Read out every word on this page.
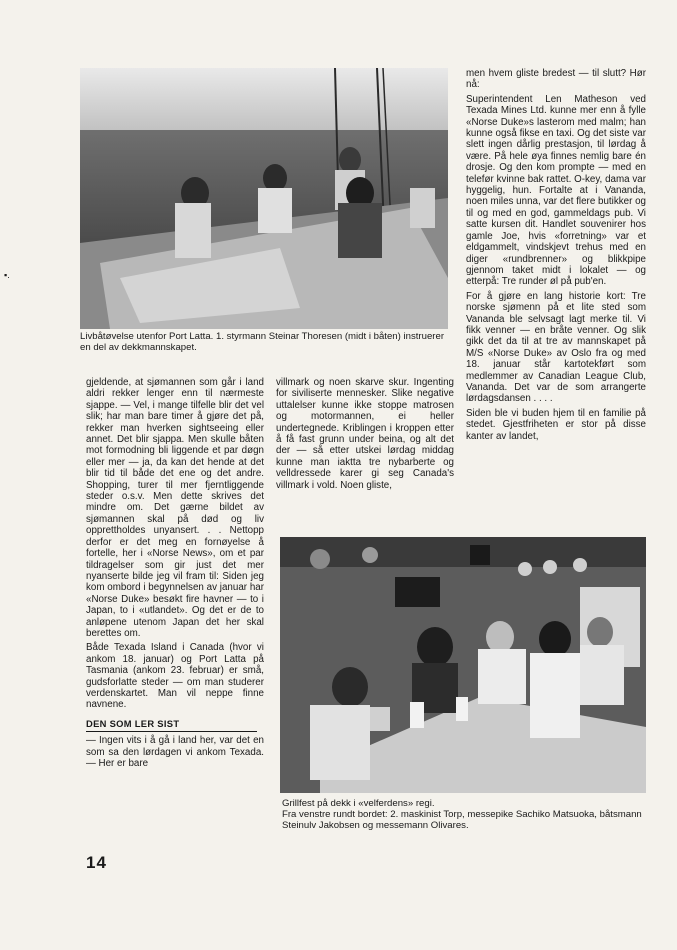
▪.

Livbåtøvelse utenfor Port Latta. 1. styrmann Steinar Thoresen (midt i båten) instruerer en del av dekkmannskapet.

gjeldende, at sjømannen som går i land aldri rekker lenger enn til nærmeste sjappe. — Vel, i mange tilfelle blir det vel slik; har man bare timer å gjøre det på, rekker man hverken sightseeing eller annet. Det blir sjappa. Men skulle båten mot formodning bli liggende et par døgn eller mer — ja, da kan det hende at det blir tid til både det ene og det andre. Shopping, turer til mer fjerntliggende steder o.s.v. Men dette skrives det mindre om. Det gærne bildet av sjømannen skal på død og liv opprettholdes unyansert. . . Nettopp derfor er det meg en fornøyelse å fortelle, her i «Norse News», om et par tildragelser som gir just det mer nyanserte bilde jeg vil fram til: Siden jeg kom ombord i begynnelsen av januar har «Norse Duke» besøkt fire havner — to i Japan, to i «utlandet». Og det er de to anløpene utenom Japan det her skal berettes om.

Både Texada Island i Canada (hvor vi ankom 18. januar) og Port Latta på Tasmania (ankom 23. februar) er små, gudsforlatte steder — om man studerer verdenskartet. Man vil neppe finne navnene.

DEN SOM LER SIST

— Ingen vits i å gå i land her, var det en som sa den lørdagen vi ankom Texada. — Her er bare

villmark og noen skarve skur. Ingenting for siviliserte mennesker. Slike negative uttalelser kunne ikke stoppe matrosen og motormannen, ei heller undertegnede. Kriblingen i kroppen etter å få fast grunn under beina, og alt det der — så etter utskei lørdag middag kunne man iaktta tre nybarberte og velldressede karer gi seg Canada's villmark i vold. Noen gliste,

men hvem gliste bredest — til slutt? Hør nå:

Superintendent Len Matheson ved Texada Mines Ltd. kunne mer enn å fylle «Norse Duke»s lasterom med malm; han kunne også fikse en taxi. Og det siste var slett ingen dårlig prestasjon, til lørdag å være. På hele øya finnes nemlig bare én drosje. Og den kom prompte — med en telefør kvinne bak rattet. O-key, dama var hyggelig, hun. Fortalte at i Vananda, noen miles unna, var det flere butikker og til og med en god, gammeldags pub. Vi satte kursen dit. Handlet souvenirer hos gamle Joe, hvis «forretning» var et eldgammelt, vindskjevt trehus med en diger «rundbrenner» og blikkpipe gjennom taket midt i lokalet — og etterpå: Tre runder øl på pub'en.

For å gjøre en lang historie kort: Tre norske sjømenn på et lite sted som Vananda ble selvsagt lagt merke til. Vi fikk venner — en bråte venner. Og slik gikk det da til at tre av mannskapet på M/S «Norse Duke» av Oslo fra og med 18. januar står kartotekført som medlemmer av Canadian League Club, Vananda. Det var de som arrangerte lørdagsdansen . . . .

Siden ble vi buden hjem til en familie på stedet. Gjestfriheten er stor på disse kanter av landet,

Grillfest på dekk i «velferdens» regi.
Fra venstre rundt bordet: 2. maskinist Torp, messepike Sachiko Matsuoka, båtsmann Steinulv Jakobsen og messemann Olivares.

14
